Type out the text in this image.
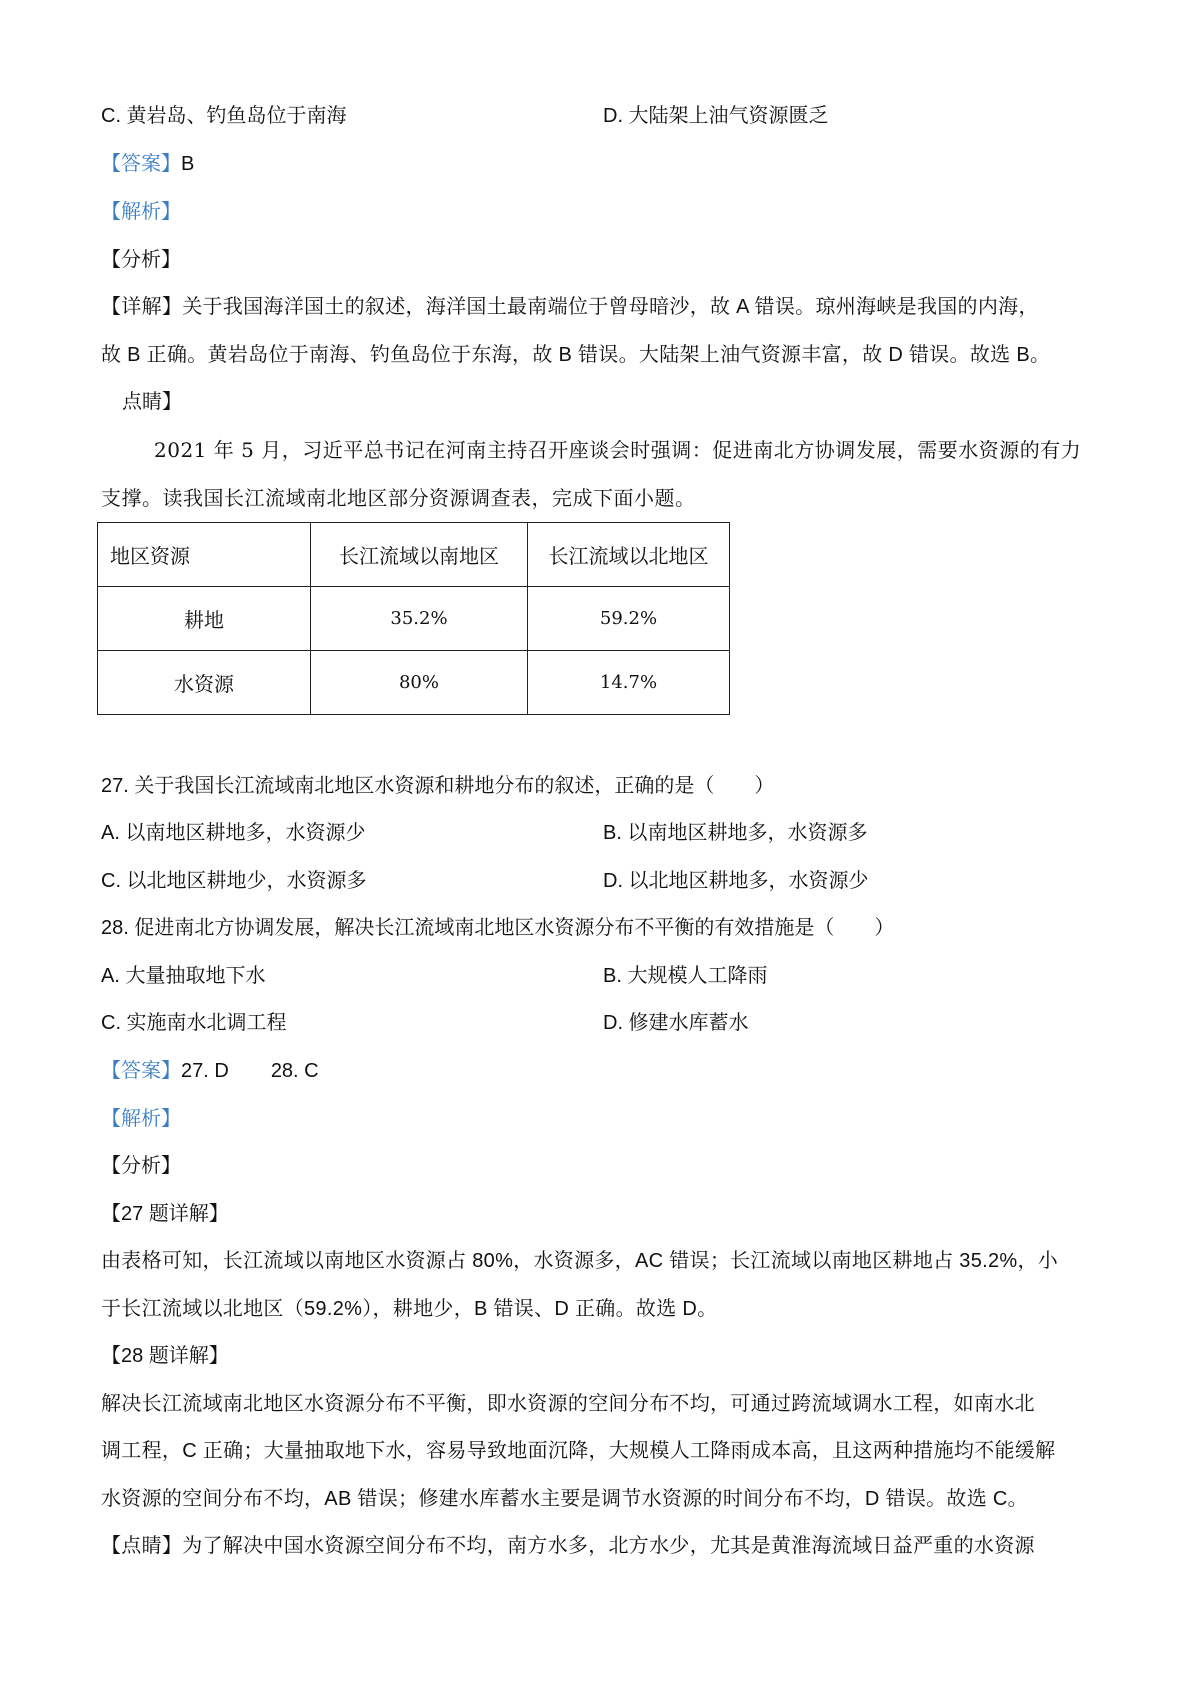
C. 黄岩岛、钓鱼岛位于南海	D. 大陆架上油气资源匮乏
【答案】B
【解析】
【分析】
【详解】关于我国海洋国土的叙述，海洋国土最南端位于曾母暗沙，故 A 错误。琼州海峡是我国的内海，
故 B 正确。黄岩岛位于南海、钓鱼岛位于东海，故 B 错误。大陆架上油气资源丰富，故 D 错误。故选 B。
点睛】
2021 年 5 月，习近平总书记在河南主持召开座谈会时强调：促进南北方协调发展，需要水资源的有力
支撑。读我国长江流域南北地区部分资源调查表，完成下面小题。
地区资源	长江流域以南地区	长江流域以北地区
耕地	35.2%	59.2%
水资源	80%	14.7%
27. 关于我国长江流域南北地区水资源和耕地分布的叙述，正确的是（　　）
A. 以南地区耕地多，水资源少	B. 以南地区耕地多，水资源多
C. 以北地区耕地少，水资源多	D. 以北地区耕地多，水资源少
28. 促进南北方协调发展，解决长江流域南北地区水资源分布不平衡的有效措施是（　　）
A. 大量抽取地下水	B. 大规模人工降雨
C. 实施南水北调工程	D. 修建水库蓄水
【答案】27. D 28. C
【解析】
【分析】
【27 题详解】
由表格可知，长江流域以南地区水资源占 80%，水资源多，AC 错误；长江流域以南地区耕地占 35.2%，小
于长江流域以北地区（59.2%），耕地少，B 错误、D 正确。故选 D。
【28 题详解】
解决长江流域南北地区水资源分布不平衡，即水资源的空间分布不均，可通过跨流域调水工程，如南水北
调工程，C 正确；大量抽取地下水，容易导致地面沉降，大规模人工降雨成本高，且这两种措施均不能缓解
水资源的空间分布不均，AB 错误；修建水库蓄水主要是调节水资源的时间分布不均，D 错误。故选 C。
【点睛】为了解决中国水资源空间分布不均，南方水多，北方水少，尤其是黄淮海流域日益严重的水资源
